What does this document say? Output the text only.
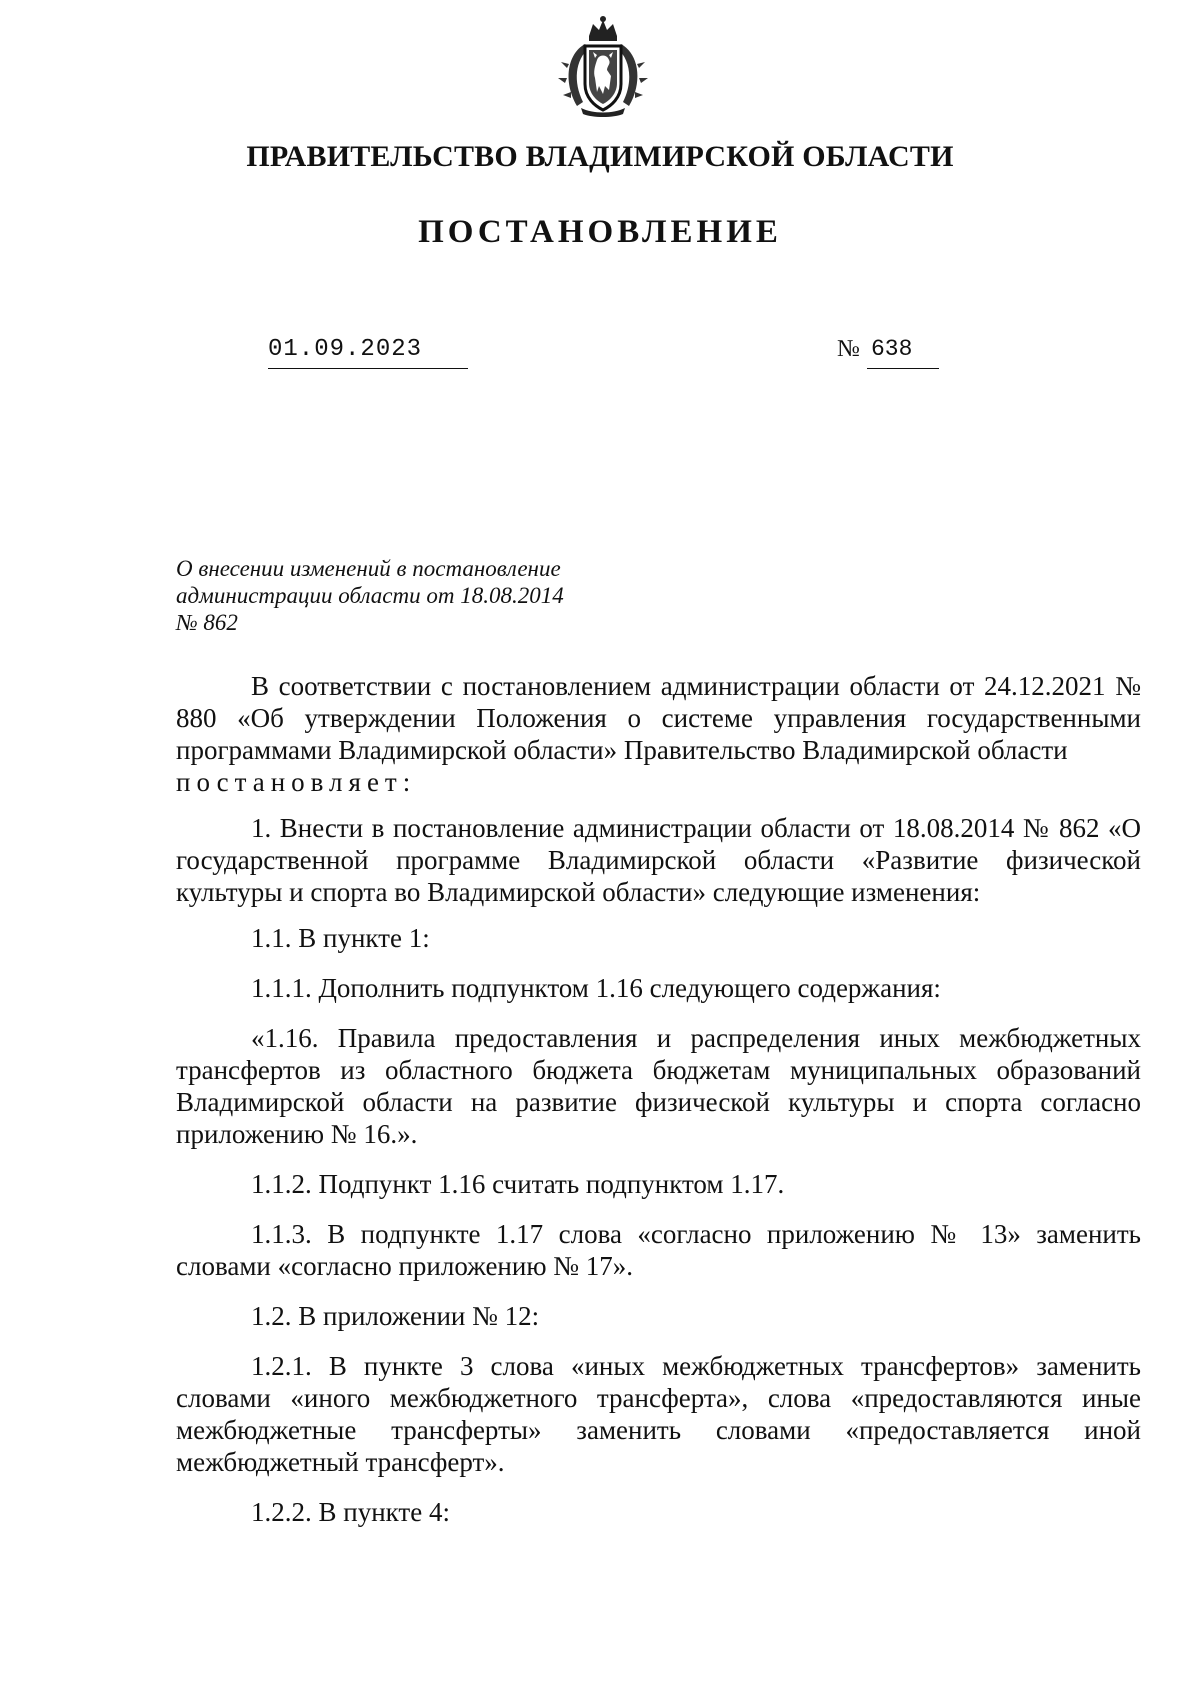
ПРАВИТЕЛЬСТВО ВЛАДИМИРСКОЙ ОБЛАСТИ
ПОСТАНОВЛЕНИЕ
01.09.2023	№ 638
О внесении изменений в постановление
администрации области от 18.08.2014
№ 862

В соответствии с постановлением администрации области от 24.12.2021 № 880 «Об утверждении Положения о системе управления государственными программами Владимирской области» Правительство Владимирской области

постановляет:

1. Внести в постановление администрации области от 18.08.2014 № 862 «О государственной программе Владимирской области «Развитие физической культуры и спорта во Владимирской области» следующие изменения:

1.1. В пункте 1:

1.1.1. Дополнить подпунктом 1.16 следующего содержания:

«1.16. Правила предоставления и распределения иных межбюджетных трансфертов из областного бюджета бюджетам муниципальных образований Владимирской области на развитие физической культуры и спорта согласно приложению № 16.».

1.1.2. Подпункт 1.16 считать подпунктом 1.17.

1.1.3. В подпункте 1.17 слова «согласно приложению № 13» заменить словами «согласно приложению № 17».

1.2. В приложении № 12:

1.2.1. В пункте 3 слова «иных межбюджетных трансфертов» заменить словами «иного межбюджетного трансферта», слова «предоставляются иные межбюджетные трансферты» заменить словами «предоставляется иной межбюджетный трансферт».

1.2.2. В пункте 4:
